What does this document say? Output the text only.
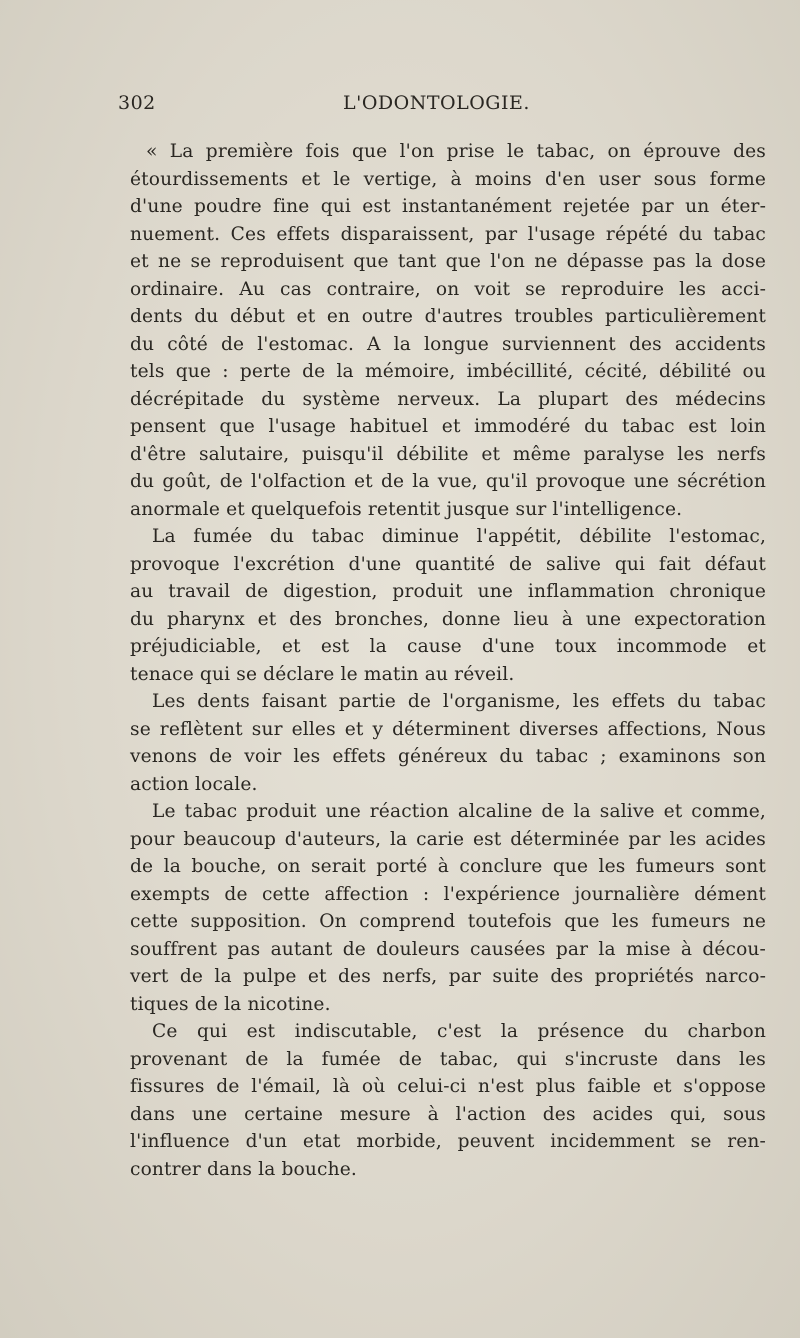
302	L'ODONTOLOGIE.
« La première fois que l'on prise le tabac, on éprouve des
étourdissements et le vertige, à moins d'en user sous forme
d'une poudre fine qui est instantanément rejetée par un éter-
nuement. Ces effets disparaissent, par l'usage répété du tabac
et ne se reproduisent que tant que l'on ne dépasse pas la dose
ordinaire. Au cas contraire, on voit se reproduire les acci-
dents du début et en outre d'autres troubles particulièrement
du côté de l'estomac. A la longue surviennent des accidents
tels que : perte de la mémoire, imbécillité, cécité, débilité ou
décrépitade du système nerveux. La plupart des médecins
pensent que l'usage habituel et immodéré du tabac est loin
d'être salutaire, puisqu'il débilite et même paralyse les nerfs
du goût, de l'olfaction et de la vue, qu'il provoque une sécrétion
anormale et quelquefois retentit jusque sur l'intelligence.
La fumée du tabac diminue l'appétit, débilite l'estomac,
provoque l'excrétion d'une quantité de salive qui fait défaut
au travail de digestion, produit une inflammation chronique
du pharynx et des bronches, donne lieu à une expectoration
préjudiciable, et est la cause d'une toux incommode et
tenace qui se déclare le matin au réveil.
Les dents faisant partie de l'organisme, les effets du tabac
se reflètent sur elles et y déterminent diverses affections, Nous
venons de voir les effets généreux du tabac ; examinons son
action locale.
Le tabac produit une réaction alcaline de la salive et comme,
pour beaucoup d'auteurs, la carie est déterminée par les acides
de la bouche, on serait porté à conclure que les fumeurs sont
exempts de cette affection : l'expérience journalière dément
cette supposition. On comprend toutefois que les fumeurs ne
souffrent pas autant de douleurs causées par la mise à décou-
vert de la pulpe et des nerfs, par suite des propriétés narco-
tiques de la nicotine.
Ce qui est indiscutable, c'est la présence du charbon
provenant de la fumée de tabac, qui s'incruste dans les
fissures de l'émail, là où celui-ci n'est plus faible et s'oppose
dans une certaine mesure à l'action des acides qui, sous
l'influence d'un etat morbide, peuvent incidemment se ren-
contrer dans la bouche.
